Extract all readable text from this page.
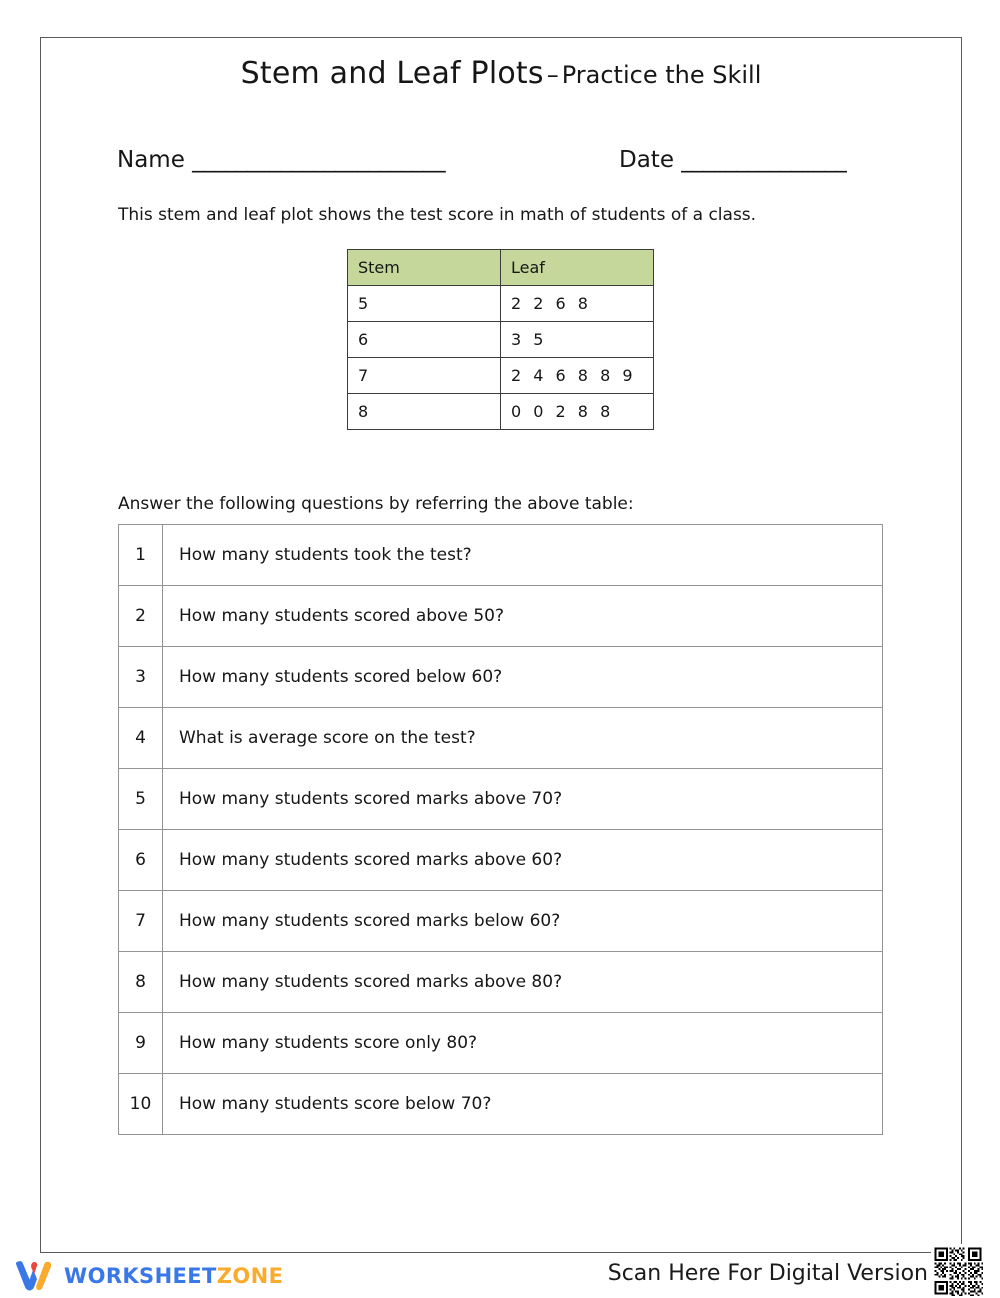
Stem and Leaf Plots – Practice the Skill
Name _______________________	Date _______________
This stem and leaf plot shows the test score in math of students of a class.
Stem	Leaf
5	2 2 6 8
6	3 5
7	2 4 6 8 8 9
8	0 0 2 8 8
Answer the following questions by referring the above table:
1	How many students took the test?
2	How many students scored above 50?
3	How many students scored below 60?
4	What is average score on the test?
5	How many students scored marks above 70?
6	How many students scored marks above 60?
7	How many students scored marks below 60?
8	How many students scored marks above 80?
9	How many students score only 80?
10	How many students score below 70?
WORKSHEETZONE	Scan Here For Digital Version
